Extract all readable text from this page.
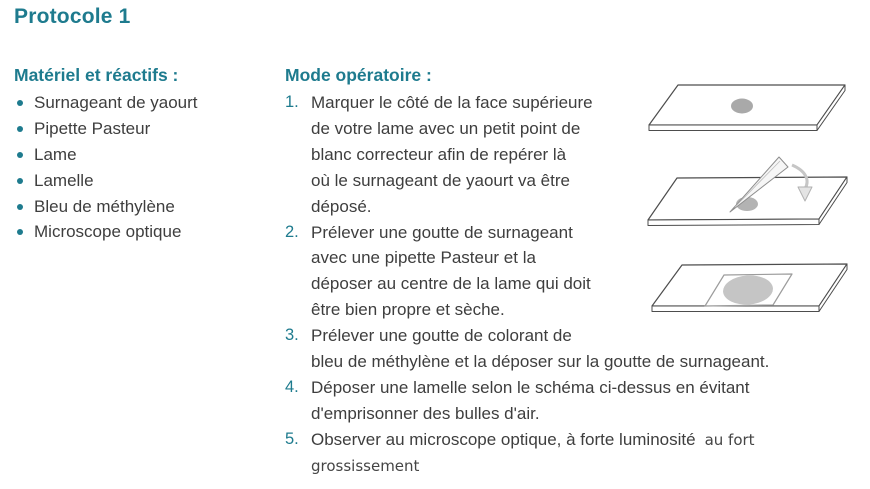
Protocole 1
Matériel et réactifs :
Surnageant de yaourt
Pipette Pasteur
Lame
Lamelle
Bleu de méthylène
Microscope optique
Mode opératoire :
1. Marquer le côté de la face supérieure
de votre lame avec un petit point de
blanc correcteur afin de repérer là
où le surnageant de yaourt va être
déposé.
2. Prélever une goutte de surnageant
avec une pipette Pasteur et la
déposer au centre de la lame qui doit
être bien propre et sèche.
3. Prélever une goutte de colorant de
bleu de méthylène et la déposer sur la goutte de surnageant.
4. Déposer une lamelle selon le schéma ci-dessus en évitant
d'emprisonner des bulles d'air.
5. Observer au microscope optique, à forte luminosité au fort
grossissement
